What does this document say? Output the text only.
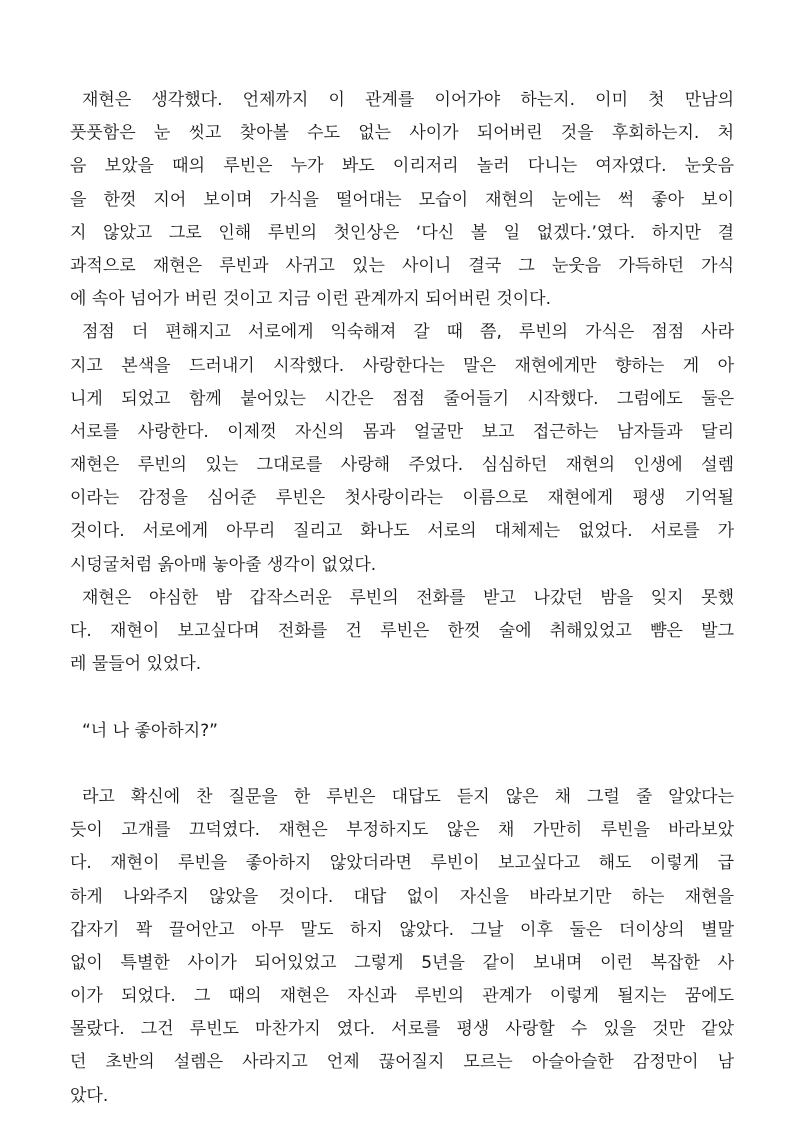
재현은 생각했다. 언제까지 이 관계를 이어가야 하는지. 이미 첫 만남의
풋풋함은 눈 씻고 찾아볼 수도 없는 사이가 되어버린 것을 후회하는지. 처
음 보았을 때의 루빈은 누가 봐도 이리저리 놀러 다니는 여자였다. 눈웃음
을 한껏 지어 보이며 가식을 떨어대는 모습이 재현의 눈에는 썩 좋아 보이
지 않았고 그로 인해 루빈의 첫인상은 ‘다신 볼 일 없겠다.’였다. 하지만 결
과적으로 재현은 루빈과 사귀고 있는 사이니 결국 그 눈웃음 가득하던 가식
에 속아 넘어가 버린 것이고 지금 이런 관계까지 되어버린 것이다.
점점 더 편해지고 서로에게 익숙해져 갈 때 쯤, 루빈의 가식은 점점 사라
지고 본색을 드러내기 시작했다. 사랑한다는 말은 재현에게만 향하는 게 아
니게 되었고 함께 붙어있는 시간은 점점 줄어들기 시작했다. 그럼에도 둘은
서로를 사랑한다. 이제껏 자신의 몸과 얼굴만 보고 접근하는 남자들과 달리
재현은 루빈의 있는 그대로를 사랑해 주었다. 심심하던 재현의 인생에 설렘
이라는 감정을 심어준 루빈은 첫사랑이라는 이름으로 재현에게 평생 기억될
것이다. 서로에게 아무리 질리고 화나도 서로의 대체제는 없었다. 서로를 가
시덩굴처럼 옭아매 놓아줄 생각이 없었다.
재현은 야심한 밤 갑작스러운 루빈의 전화를 받고 나갔던 밤을 잊지 못했
다. 재현이 보고싶다며 전화를 건 루빈은 한껏 술에 취해있었고 뺨은 발그
레 물들어 있었다.
“너 나 좋아하지?”
라고 확신에 찬 질문을 한 루빈은 대답도 듣지 않은 채 그럴 줄 알았다는
듯이 고개를 끄덕였다. 재현은 부정하지도 않은 채 가만히 루빈을 바라보았
다. 재현이 루빈을 좋아하지 않았더라면 루빈이 보고싶다고 해도 이렇게 급
하게 나와주지 않았을 것이다. 대답 없이 자신을 바라보기만 하는 재현을
갑자기 꽉 끌어안고 아무 말도 하지 않았다. 그날 이후 둘은 더이상의 별말
없이 특별한 사이가 되어있었고 그렇게 5년을 같이 보내며 이런 복잡한 사
이가 되었다. 그 때의 재현은 자신과 루빈의 관계가 이렇게 될지는 꿈에도
몰랐다. 그건 루빈도 마찬가지 였다. 서로를 평생 사랑할 수 있을 것만 같았
던 초반의 설렘은 사라지고 언제 끊어질지 모르는 아슬아슬한 감정만이 남
았다.
